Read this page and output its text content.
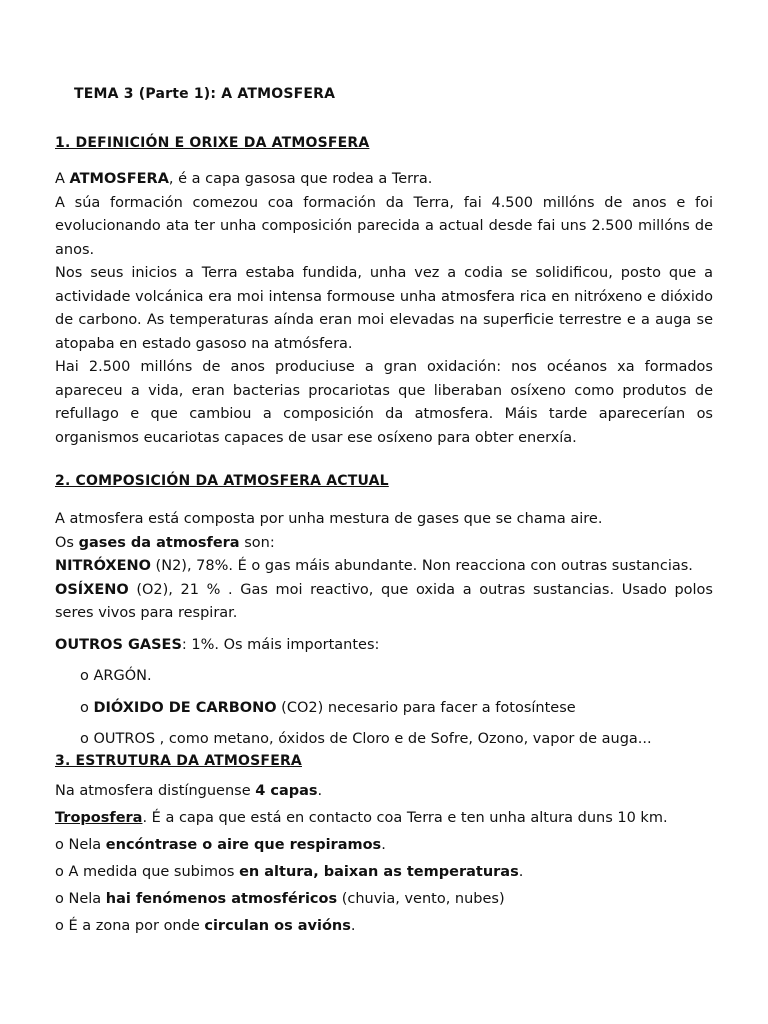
TEMA 3 (Parte 1): A ATMOSFERA
1. DEFINICIÓN E ORIXE DA ATMOSFERA

A ATMOSFERA, é a capa gasosa que rodea a Terra.

A súa formación comezou coa formación da Terra, fai 4.500 millóns de anos e foi evolucionando ata ter unha composición parecida a actual desde fai uns 2.500 millóns de anos.

Nos seus inicios a Terra estaba fundida, unha vez a codia se solidificou, posto que a actividade volcánica era moi intensa formouse unha atmosfera rica en nitróxeno e dióxido de carbono. As temperaturas aínda eran moi elevadas na superficie terrestre e a auga se atopaba en estado gasoso na atmósfera.

Hai 2.500 millóns de anos produciuse a gran oxidación: nos océanos xa formados apareceu a vida, eran bacterias procariotas que liberaban osíxeno como produtos de refullago e que cambiou a composición da atmosfera. Máis tarde aparecerían os organismos eucariotas capaces de usar ese osíxeno para obter enerxía.

2. COMPOSICIÓN DA ATMOSFERA ACTUAL
A atmosfera está composta por unha mestura de gases que se chama aire.
Os gases da atmosfera son:
NITRÓXENO (N2), 78%. É o gas máis abundante. Non reacciona con outras sustancias.
OSÍXENO (O2), 21 % . Gas moi reactivo, que oxida a outras sustancias. Usado polos seres vivos para respirar.
OUTROS GASES: 1%. Os máis importantes:
o ARGÓN.
o DIÓXIDO DE CARBONO (CO2) necesario para facer a fotosíntese
o OUTROS , como metano, óxidos de Cloro e de Sofre, Ozono, vapor de auga...
3. ESTRUTURA DA ATMOSFERA
Na atmosfera distínguense 4 capas.
Troposfera. É a capa que está en contacto coa Terra e ten unha altura duns 10 km.
o Nela encóntrase o aire que respiramos.
o A medida que subimos en altura, baixan as temperaturas.
o Nela hai fenómenos atmosféricos (chuvia, vento, nubes)
o É a zona por onde circulan os avións.
